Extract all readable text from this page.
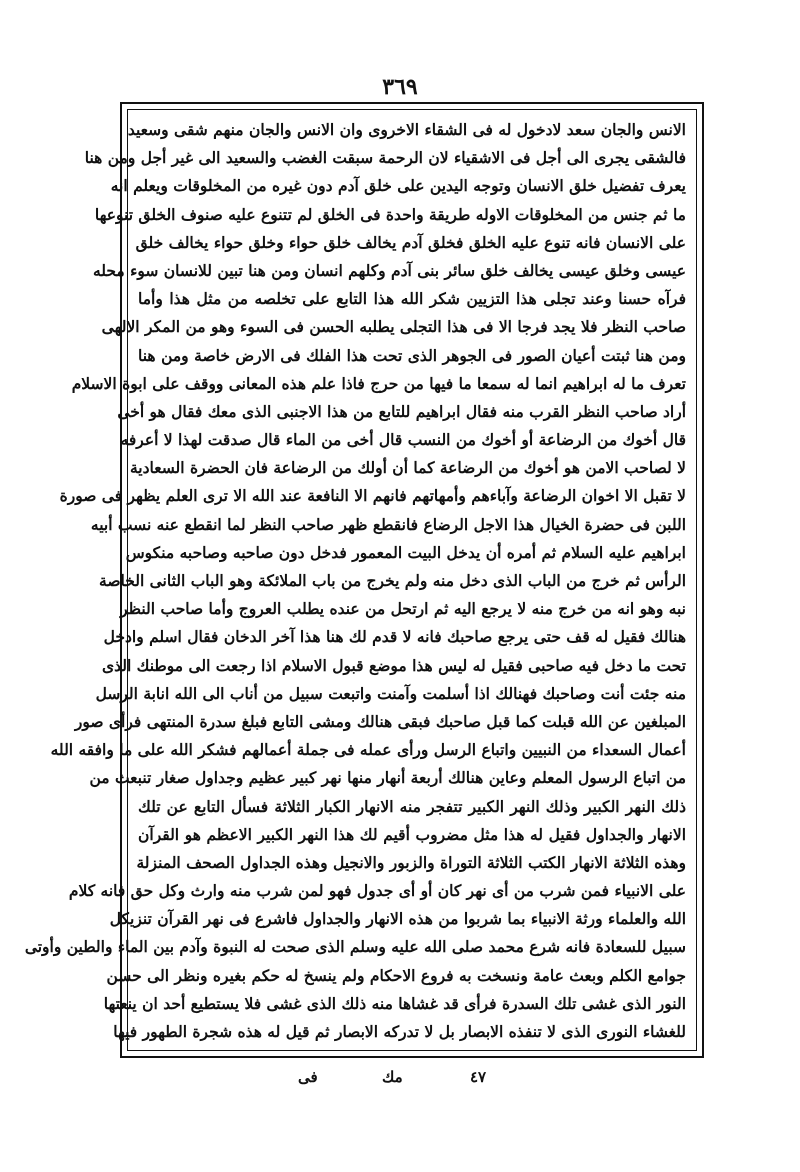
٣٦٩
الانس والجان سعد لادخول له فى الشقاء الاخروى وان الانس والجان منهم شقى وسعيد
فالشقى يجرى الى أجل فى الاشقياء لان الرحمة سبقت الغضب والسعيد الى غير أجل ومن هنا
يعرف تفضيل خلق الانسان وتوجه اليدين على خلق آدم دون غيره من المخلوقات ويعلم انه
ما ثم جنس من المخلوقات الاوله طريقة واحدة فى الخلق لم تتنوع عليه صنوف الخلق تنوعها
على الانسان فانه تنوع عليه الخلق فخلق آدم يخالف خلق حواء وخلق حواء يخالف خلق
عيسى وخلق عيسى يخالف خلق سائر بنى آدم وكلهم انسان ومن هنا تبين للانسان سوء محله
فرآه حسنا وعند تجلى هذا التزيين شكر الله هذا التابع على تخلصه من مثل هذا وأما
صاحب النظر فلا يجد فرجا الا فى هذا التجلى يطلبه الحسن فى السوء وهو من المكر الالهى
ومن هنا ثبتت أعيان الصور فى الجوهر الذى تحت هذا الفلك فى الارض خاصة ومن هنا
تعرف ما له ابراهيم انما له سمعا ما فيها من حرج فاذا علم هذه المعانى ووقف على ابوة الاسلام
أراد صاحب النظر القرب منه فقال ابراهيم للتابع من هذا الاجنبى الذى معك فقال هو أخى
قال أخوك من الرضاعة أو أخوك من النسب قال أخى من الماء قال صدقت لهذا لا أعرفه
لا لصاحب الامن هو أخوك من الرضاعة كما أن أولك من الرضاعة فان الحضرة السعادية
لا تقبل الا اخوان الرضاعة وآباءهم وأمهاتهم فانهم الا النافعة عند الله الا ترى العلم يظهر فى صورة
اللبن فى حضرة الخيال هذا الاجل الرضاع فانقطع ظهر صاحب النظر لما انقطع عنه نسب أبيه
ابراهيم عليه السلام ثم أمره أن يدخل البيت المعمور فدخل دون صاحبه وصاحبه منكوس
الرأس ثم خرج من الباب الذى دخل منه ولم يخرج من باب الملائكة وهو الباب الثانى الخاصة
نبه وهو انه من خرج منه لا يرجع اليه ثم ارتحل من عنده يطلب العروج وأما صاحب النظر
هنالك فقيل له قف حتى يرجع صاحبك فانه لا قدم لك هنا هذا آخر الدخان فقال اسلم وادخل
تحت ما دخل فيه صاحبى فقيل له ليس هذا موضع قبول الاسلام اذا رجعت الى موطنك الذى
منه جئت أنت وصاحبك فهنالك اذا أسلمت وآمنت واتبعت سبيل من أناب الى الله انابة الرسل
المبلغين عن الله قبلت كما قبل صاحبك فبقى هنالك ومشى التابع فبلغ سدرة المنتهى فرأى صور
أعمال السعداء من النبيين واتباع الرسل ورأى عمله فى جملة أعمالهم فشكر الله على ما وافقه الله
من اتباع الرسول المعلم وعاين هنالك أربعة أنهار منها نهر كبير عظيم وجداول صغار تنبعث من
ذلك النهر الكبير وذلك النهر الكبير تتفجر منه الانهار الكبار الثلاثة فسأل التابع عن تلك
الانهار والجداول فقيل له هذا مثل مضروب أقيم لك هذا النهر الكبير الاعظم هو القرآن
وهذه الثلاثة الانهار الكتب الثلاثة التوراة والزبور والانجيل وهذه الجداول الصحف المنزلة
على الانبياء فمن شرب من أى نهر كان أو أى جدول فهو لمن شرب منه وارث وكل حق فانه كلام
الله والعلماء ورثة الانبياء بما شربوا من هذه الانهار والجداول فاشرع فى نهر القرآن تنزيكل
سبيل للسعادة فانه شرع محمد صلى الله عليه وسلم الذى صحت له النبوة وآدم بين الماء والطين وأوتى
جوامع الكلم وبعث عامة ونسخت به فروع الاحكام ولم ينسخ له حكم بغيره ونظر الى حسن
النور الذى غشى تلك السدرة فرأى قد غشاها منه ذلك الذى غشى فلا يستطيع أحد ان ينعتها
للغشاء النورى الذى لا تنفذه الابصار بل لا تدركه الابصار ثم قيل له هذه شجرة الطهور فيها
٤٧
مك
فى
